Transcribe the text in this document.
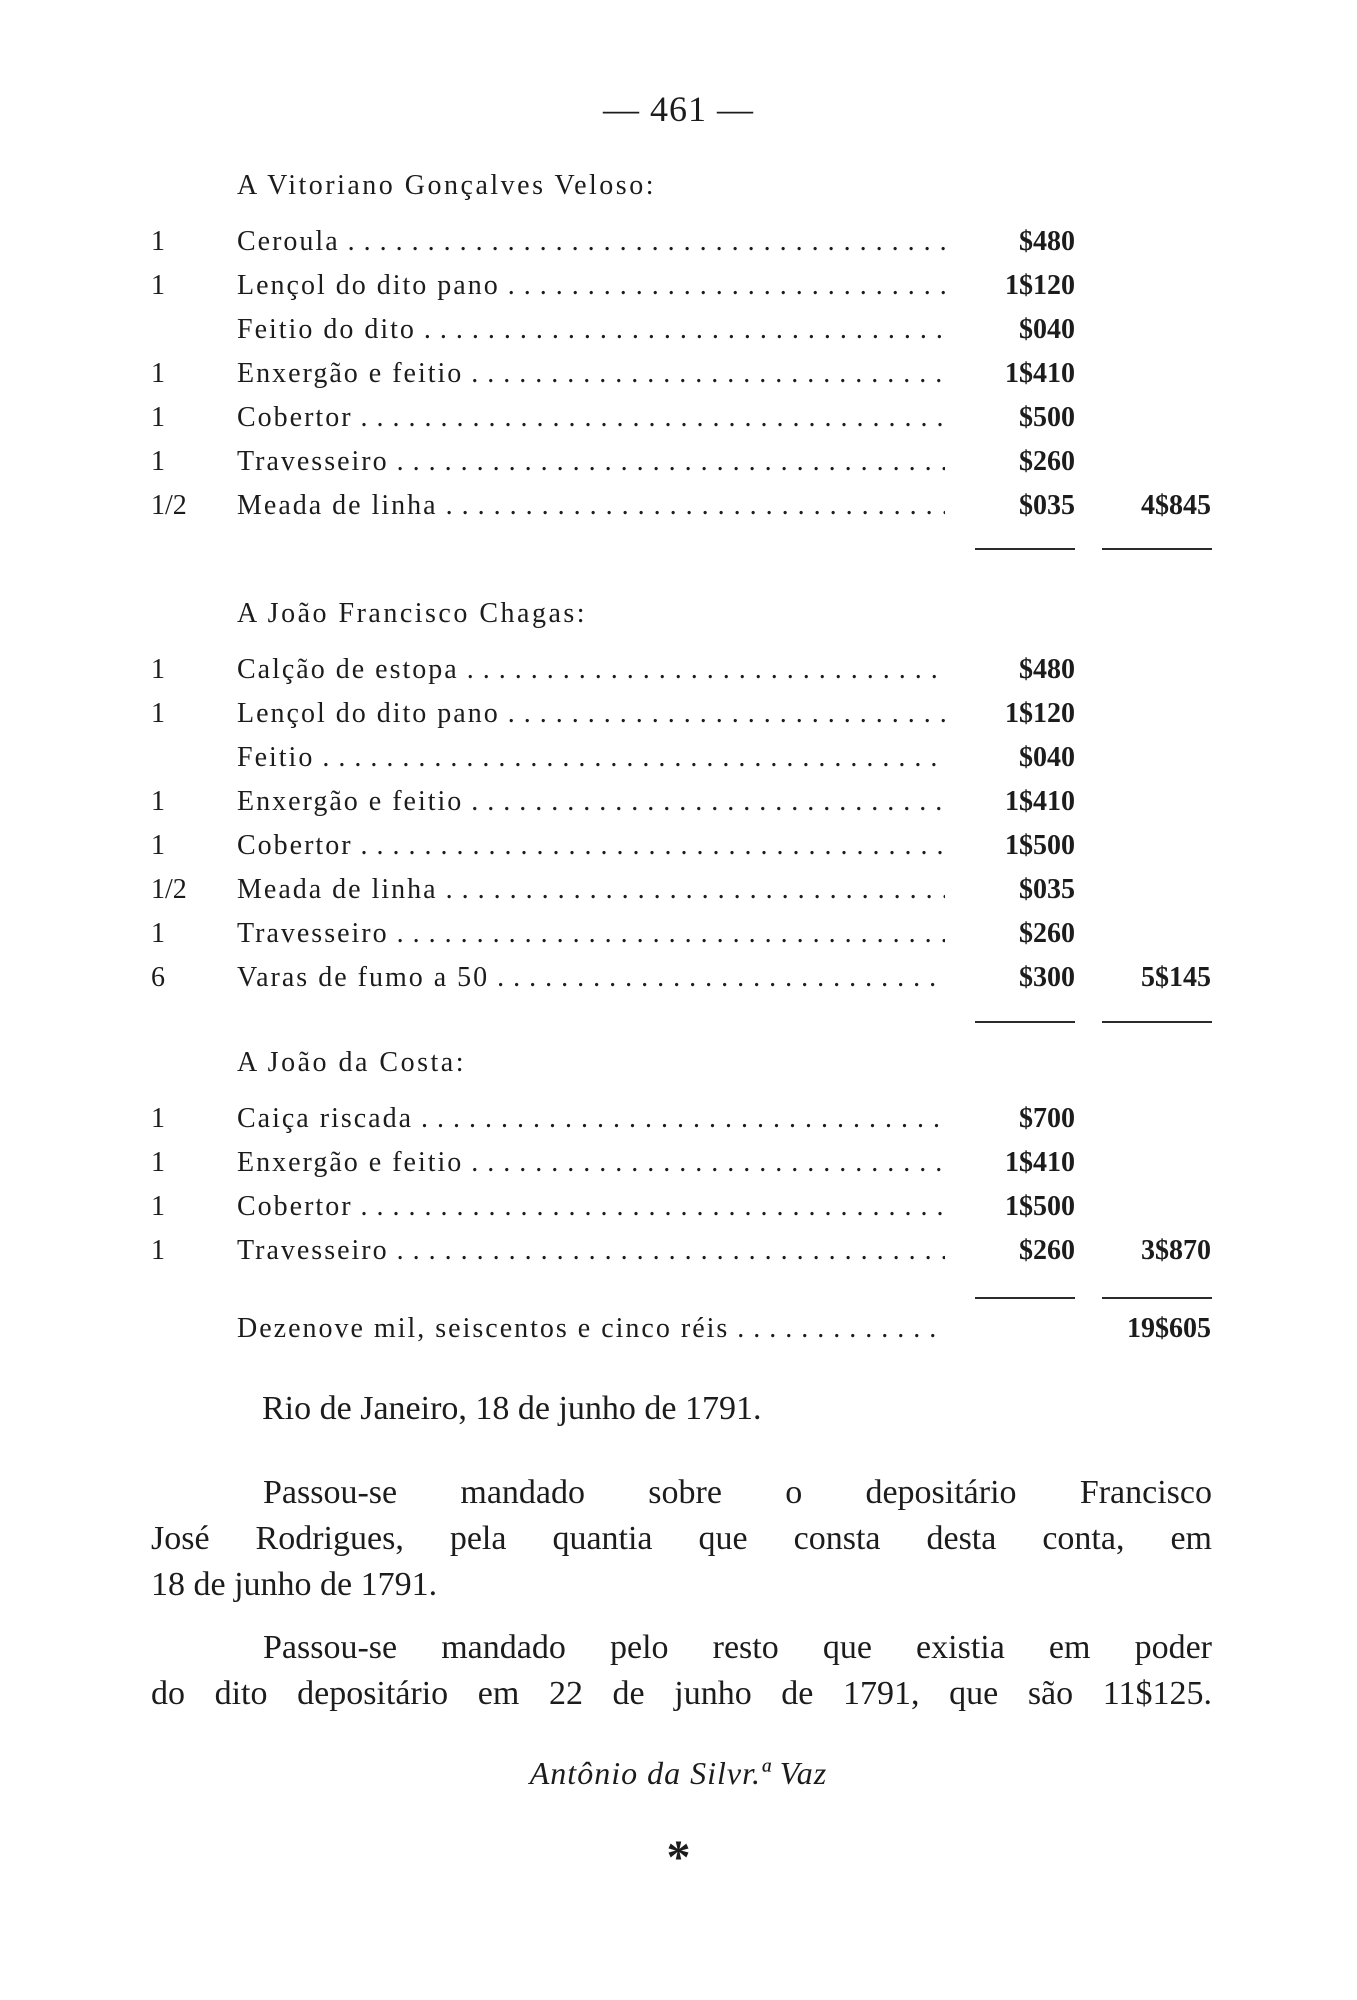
— 461 —
A Vitoriano Gonçalves Veloso:
1	Ceroula . . .	$480
1	Lençol do dito pano . . .	1$120
Feitio do dito . . .	$040
1	Enxergão e feitio . . .	1$410
1	Cobertor . . .	$500
1	Travesseiro . . .	$260
1/2 Meada de linha . . .	$035	4$845
A João Francisco Chagas:
1	Calção de estopa . . .	$480
1	Lençol do dito pano . . .	1$120
Feitio . . .	$040
1	Enxergão e feitio . . .	1$410
1	Cobertor . . .	1$500
1/2 Meada de linha . . .	$035
1	Travesseiro . . .	$260
6	Varas de fumo a 50 . . .	$300	5$145
A João da Costa:
1	Caiça riscada . . .	$700
1	Enxergão e feitio . . .	1$410
1	Cobertor . . .	1$500
1	Travesseiro . . .	$260	3$870
Dezenove mil, seiscentos e cinco réis . . .	19$605
Rio de Janeiro, 18 de junho de 1791.
Passou-se mandado sobre o depositário Francisco
José Rodrigues, pela quantia que consta desta conta, em
18 de junho de 1791.
Passou-se mandado pelo resto que existia em poder
do dito depositário em 22 de junho de 1791, que são 11$125.
Antônio da Silvr.ª Vaz
*
